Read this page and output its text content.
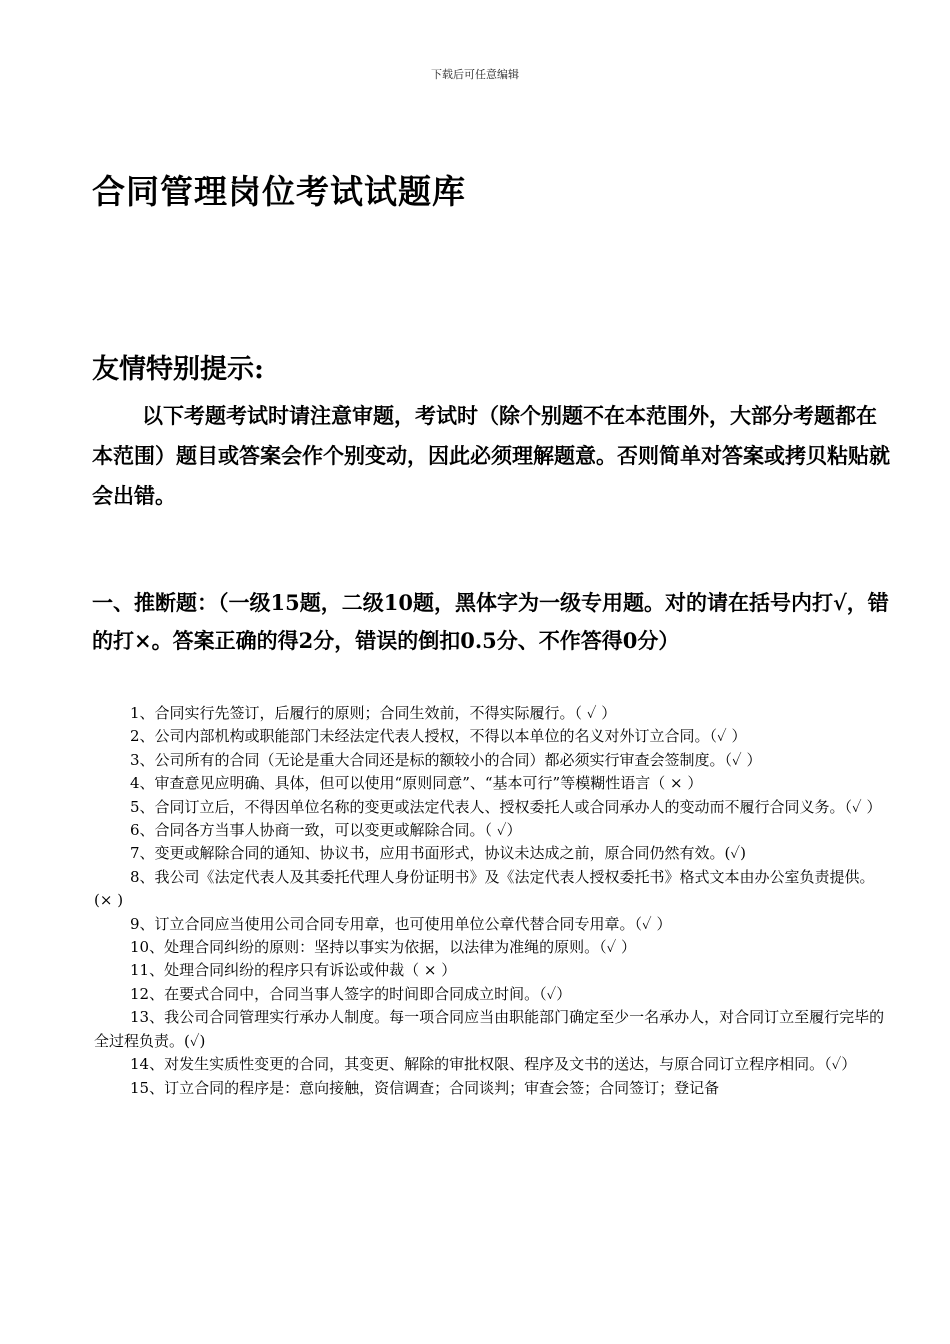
下载后可任意编辑
合同管理岗位考试试题库
友情特别提示:

以下考题考试时请注意审题，考试时（除个别题不在本范围外，大部分考题都在本范围）题目或答案会作个别变动，因此必须理解题意。否则简单对答案或拷贝粘贴就会出错。

一、推断题：（一级15题，二级10题，黑体字为一级专用题。对的请在括号内打√，错的打×。答案正确的得2分，错误的倒扣0.5分、不作答得0分）

1、合同实行先签订，后履行的原则；合同生效前，不得实际履行。（ ✓ ）
2、公司内部机构或职能部门未经法定代表人授权，不得以本单位的名义对外订立合同。（✓ ）
3、公司所有的合同（无论是重大合同还是标的额较小的合同）都必须实行审查会签制度。（✓ ）
4、审查意见应明确、具体，但可以使用“原则同意”、“基本可行”等模糊性语言（ × ）
5、合同订立后，不得因单位名称的变更或法定代表人、授权委托人或合同承办人的变动而不履行合同义务。（✓ ）
6、合同各方当事人协商一致，可以变更或解除合同。（ ✓）
7、变更或解除合同的通知、协议书，应用书面形式，协议未达成之前，原合同仍然有效。(✓)
8、我公司《法定代表人及其委托代理人身份证明书》及《法定代表人授权委托书》格式文本由办公室负责提供。(× )
9、订立合同应当使用公司合同专用章，也可使用单位公章代替合同专用章。（✓ ）
10、处理合同纠纷的原则：坚持以事实为依据，以法律为准绳的原则。（✓ ）
11、处理合同纠纷的程序只有诉讼或仲裁（ × ）
12、在要式合同中，合同当事人签字的时间即合同成立时间。（✓）
13、我公司合同管理实行承办人制度。每一项合同应当由职能部门确定至少一名承办人，对合同订立至履行完毕的全过程负责。(✓)
14、对发生实质性变更的合同，其变更、解除的审批权限、程序及文书的送达，与原合同订立程序相同。（✓）
15、订立合同的程序是：意向接触，资信调查；合同谈判；审查会签；合同签订；登记备
